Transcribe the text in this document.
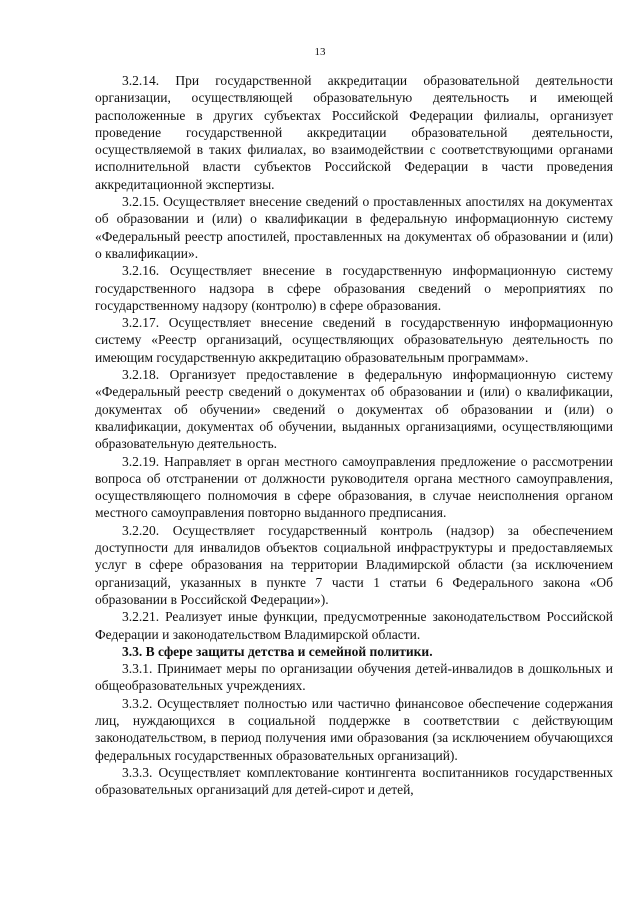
13

3.2.14. При государственной аккредитации образовательной деятельности организации, осуществляющей образовательную деятельность и имеющей расположенные в других субъектах Российской Федерации филиалы, организует проведение государственной аккредитации образовательной деятельности, осуществляемой в таких филиалах, во взаимодействии с соответствующими органами исполнительной власти субъектов Российской Федерации в части проведения аккредитационной экспертизы.

3.2.15. Осуществляет внесение сведений о проставленных апостилях на документах об образовании и (или) о квалификации в федеральную информационную систему «Федеральный реестр апостилей, проставленных на документах об образовании и (или) о квалификации».

3.2.16. Осуществляет внесение в государственную информационную систему государственного надзора в сфере образования сведений о мероприятиях по государственному надзору (контролю) в сфере образования.

3.2.17. Осуществляет внесение сведений в государственную информационную систему «Реестр организаций, осуществляющих образовательную деятельность по имеющим государственную аккредитацию образовательным программам».

3.2.18. Организует предоставление в федеральную информационную систему «Федеральный реестр сведений о документах об образовании и (или) о квалификации, документах об обучении» сведений о документах об образовании и (или) о квалификации, документах об обучении, выданных организациями, осуществляющими образовательную деятельность.

3.2.19. Направляет в орган местного самоуправления предложение о рассмотрении вопроса об отстранении от должности руководителя органа местного самоуправления, осуществляющего полномочия в сфере образования, в случае неисполнения органом местного самоуправления повторно выданного предписания.

3.2.20. Осуществляет государственный контроль (надзор) за обеспечением доступности для инвалидов объектов социальной инфраструктуры и предоставляемых услуг в сфере образования на территории Владимирской области (за исключением организаций, указанных в пункте 7 части 1 статьи 6 Федерального закона «Об образовании в Российской Федерации»).

3.2.21. Реализует иные функции, предусмотренные законодательством Российской Федерации и законодательством Владимирской области.

3.3. В сфере защиты детства и семейной политики.

3.3.1. Принимает меры по организации обучения детей-инвалидов в дошкольных и общеобразовательных учреждениях.

3.3.2. Осуществляет полностью или частично финансовое обеспечение содержания лиц, нуждающихся в социальной поддержке в соответствии с действующим законодательством, в период получения ими образования (за исключением обучающихся федеральных государственных образовательных организаций).

3.3.3. Осуществляет комплектование контингента воспитанников государственных образовательных организаций для детей-сирот и детей,
